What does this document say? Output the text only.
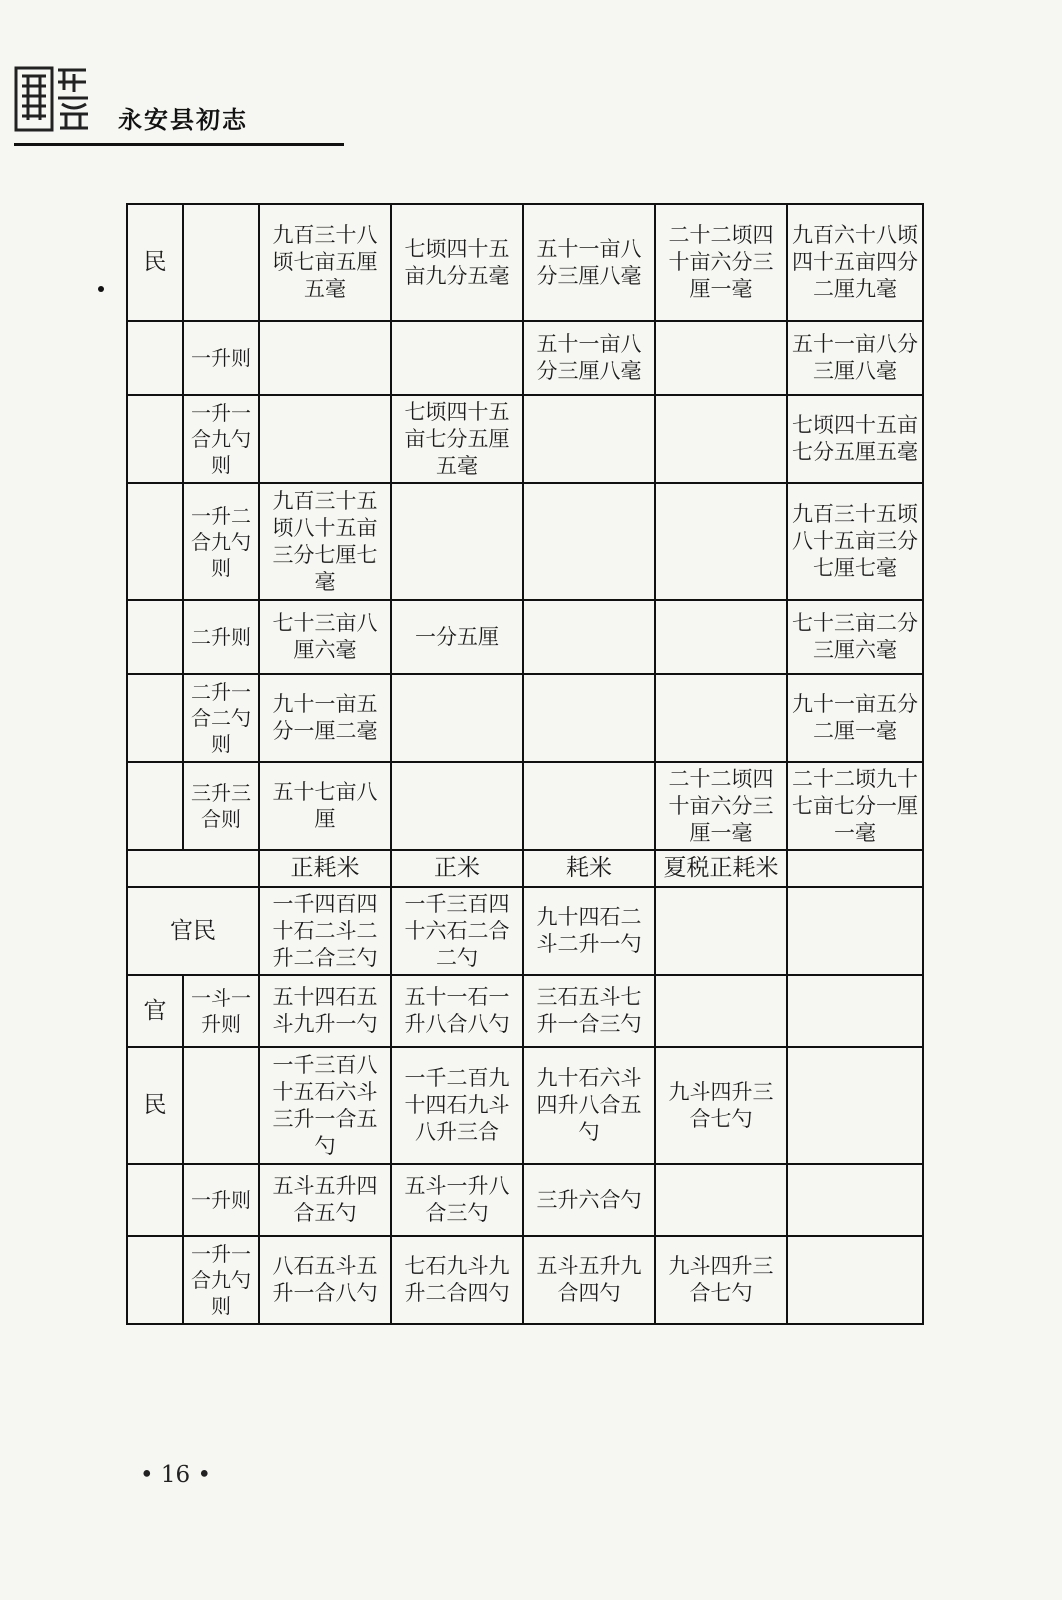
永安县初志
民		九百三十八顷七亩五厘五毫	七顷四十五亩九分五毫	五十一亩八分三厘八毫	二十二顷四十亩六分三厘一毫	九百六十八顷四十五亩四分二厘九毫
	一升则			五十一亩八分三厘八毫		五十一亩八分三厘八毫
	一升一合九勺则		七顷四十五亩七分五厘五毫			七顷四十五亩七分五厘五毫
	一升二合九勺则	九百三十五顷八十五亩三分七厘七毫				九百三十五顷八十五亩三分七厘七毫
	二升则	七十三亩八厘六毫	一分五厘			七十三亩二分三厘六毫
	二升一合二勺则	九十一亩五分一厘二毫				九十一亩五分二厘一毫
	三升三合则	五十七亩八厘			二十二顷四十亩六分三厘一毫	二十二顷九十七亩七分一厘一毫
		正耗米	正米	耗米	夏税正耗米	
官民		一千四百四十石二斗二升二合三勺	一千三百四十六石二合二勺	九十四石二斗二升一勺		
官	一斗一升则	五十四石五斗九升一勺	五十一石一升八合八勺	三石五斗七升一合三勺		
民		一千三百八十五石六斗三升一合五勺	一千二百九十四石九斗八升三合	九十石六斗四升八合五勺	九斗四升三合七勺	
	一升则	五斗五升四合五勺	五斗一升八合三勺	三升六合勺		
	一升一合九勺则	八石五斗五升一合八勺	七石九斗九升二合四勺	五斗五升九合四勺	九斗四升三合七勺	
• 16 •
